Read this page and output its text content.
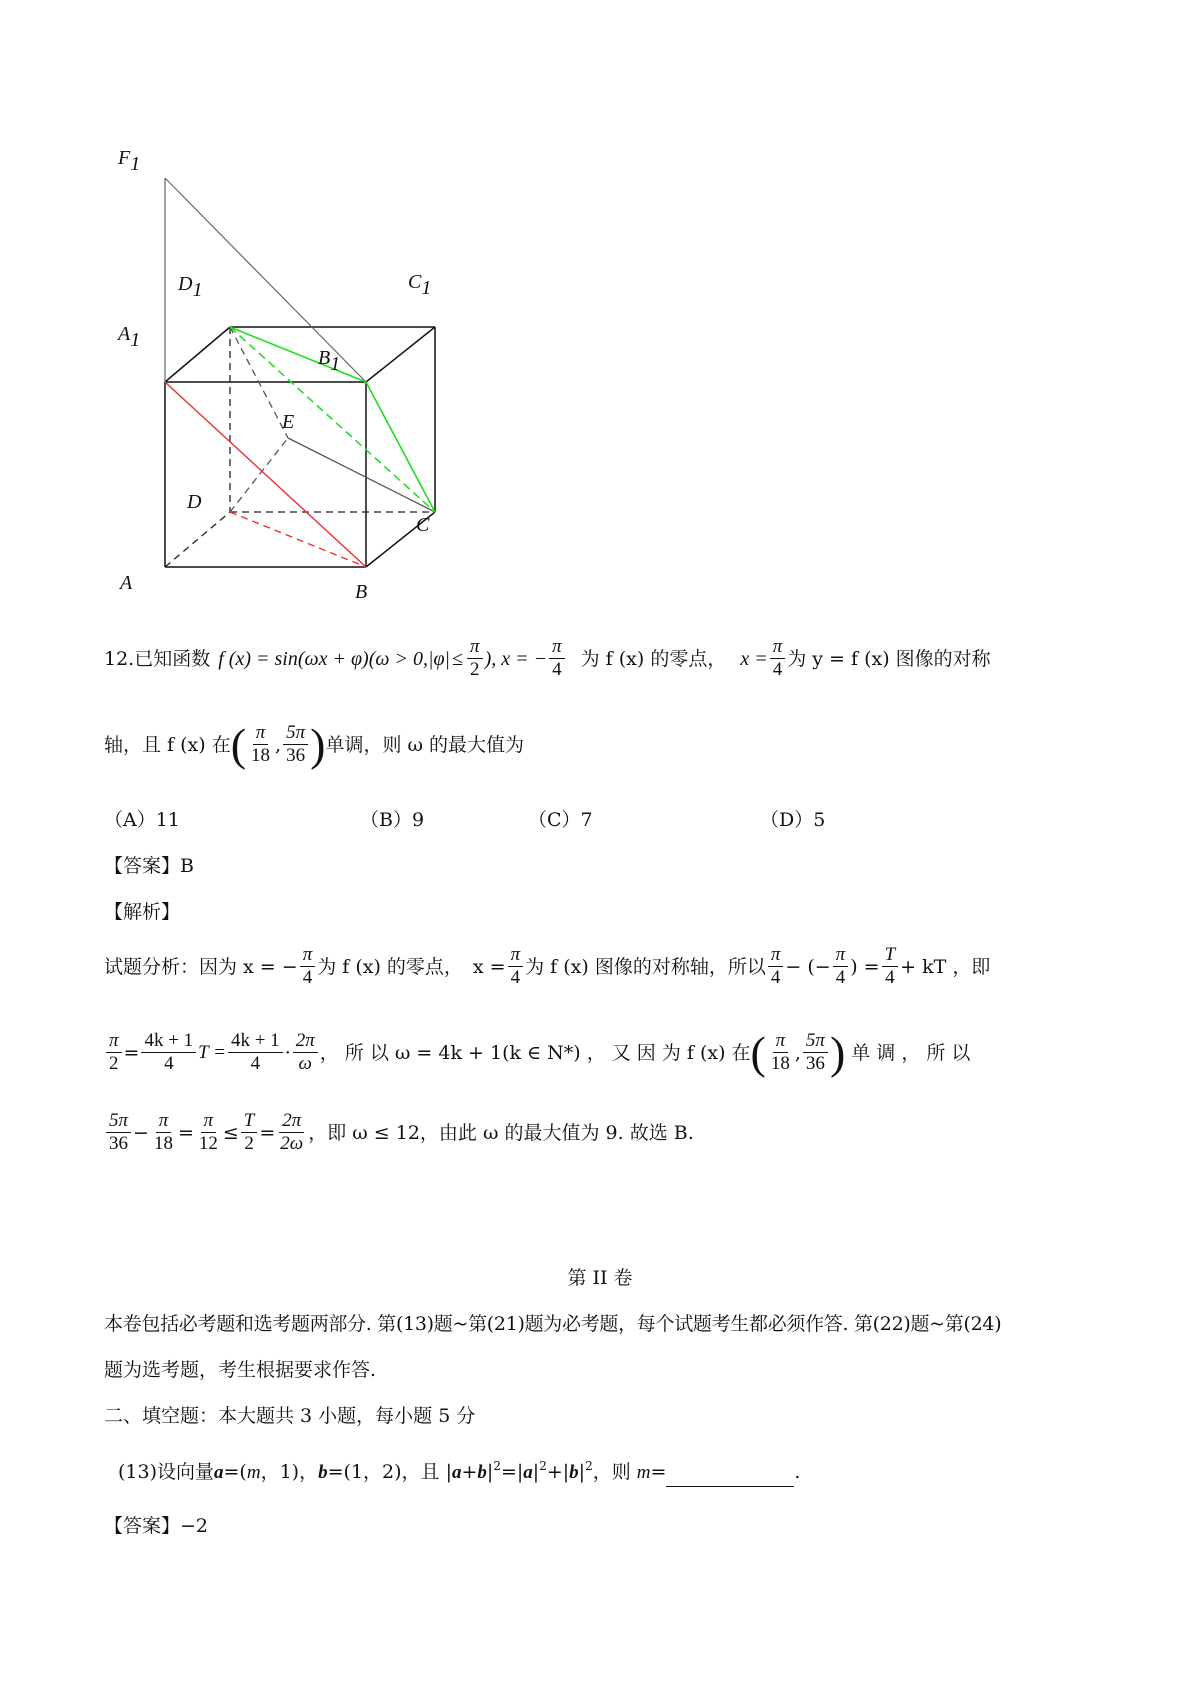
F1
D1	C1
A1
B1
E
D
C
A	B
12. 已知函数 f (x) = sin(ωx + φ)(ω > 0, $|\varphi| \le \frac{\pi}{2}$ ), x = − $\frac{\pi}{4}$ 为 f (x) 的零点， $x = \frac{\pi}{4}$ 为 y = f (x) 图像的对称
轴，且 f (x) 在 ( $\frac{\pi}{18}$ , $\frac{5\pi}{36}$ ) 单调，则 ω 的最大值为
（A）11	（B）9	（C）7	（D）5
【答案】B
【解析】
试题分析：因为 x = − $\frac{\pi}{4}$ 为 f (x) 的零点， $x = \frac{\pi}{4}$ 为 f (x) 图像的对称轴，所以 $\frac{\pi}{4}$ − (− $\frac{\pi}{4}$ ) = $\frac{T}{4}$ + kT ，即
$\frac{\pi}{2} = \frac{4k + 1}{4}$ $T = \frac{4k + 1}{4} \cdot \frac{2\pi}{\omega}$ ， 所 以 ω = 4k + 1(k ∈ N*) ， 又 因 为 f (x) 在 ( $\frac{\pi}{18}$ , $\frac{5\pi}{36}$ ) 单 调 ， 所 以
$\frac{5\pi}{36} - \frac{\pi}{18} = \frac{\pi}{12} \le \frac{T}{2} = \frac{2\pi}{2\omega}$ ，即 ω ≤ 12，由此 ω 的最大值为 9. 故选 B.
第 II 卷
本卷包括必考题和选考题两部分. 第(13)题~第(21)题为必考题，每个试题考生都必须作答. 第(22)题~第(24)
题为选考题，考生根据要求作答.
二、填空题：本大题共 3 小题，每小题 5 分
(13)设向量a=(m，1)，b=(1，2)，且 $|a+b|^2=|a|^2+|b|^2$，则 m=	.
【答案】−2
